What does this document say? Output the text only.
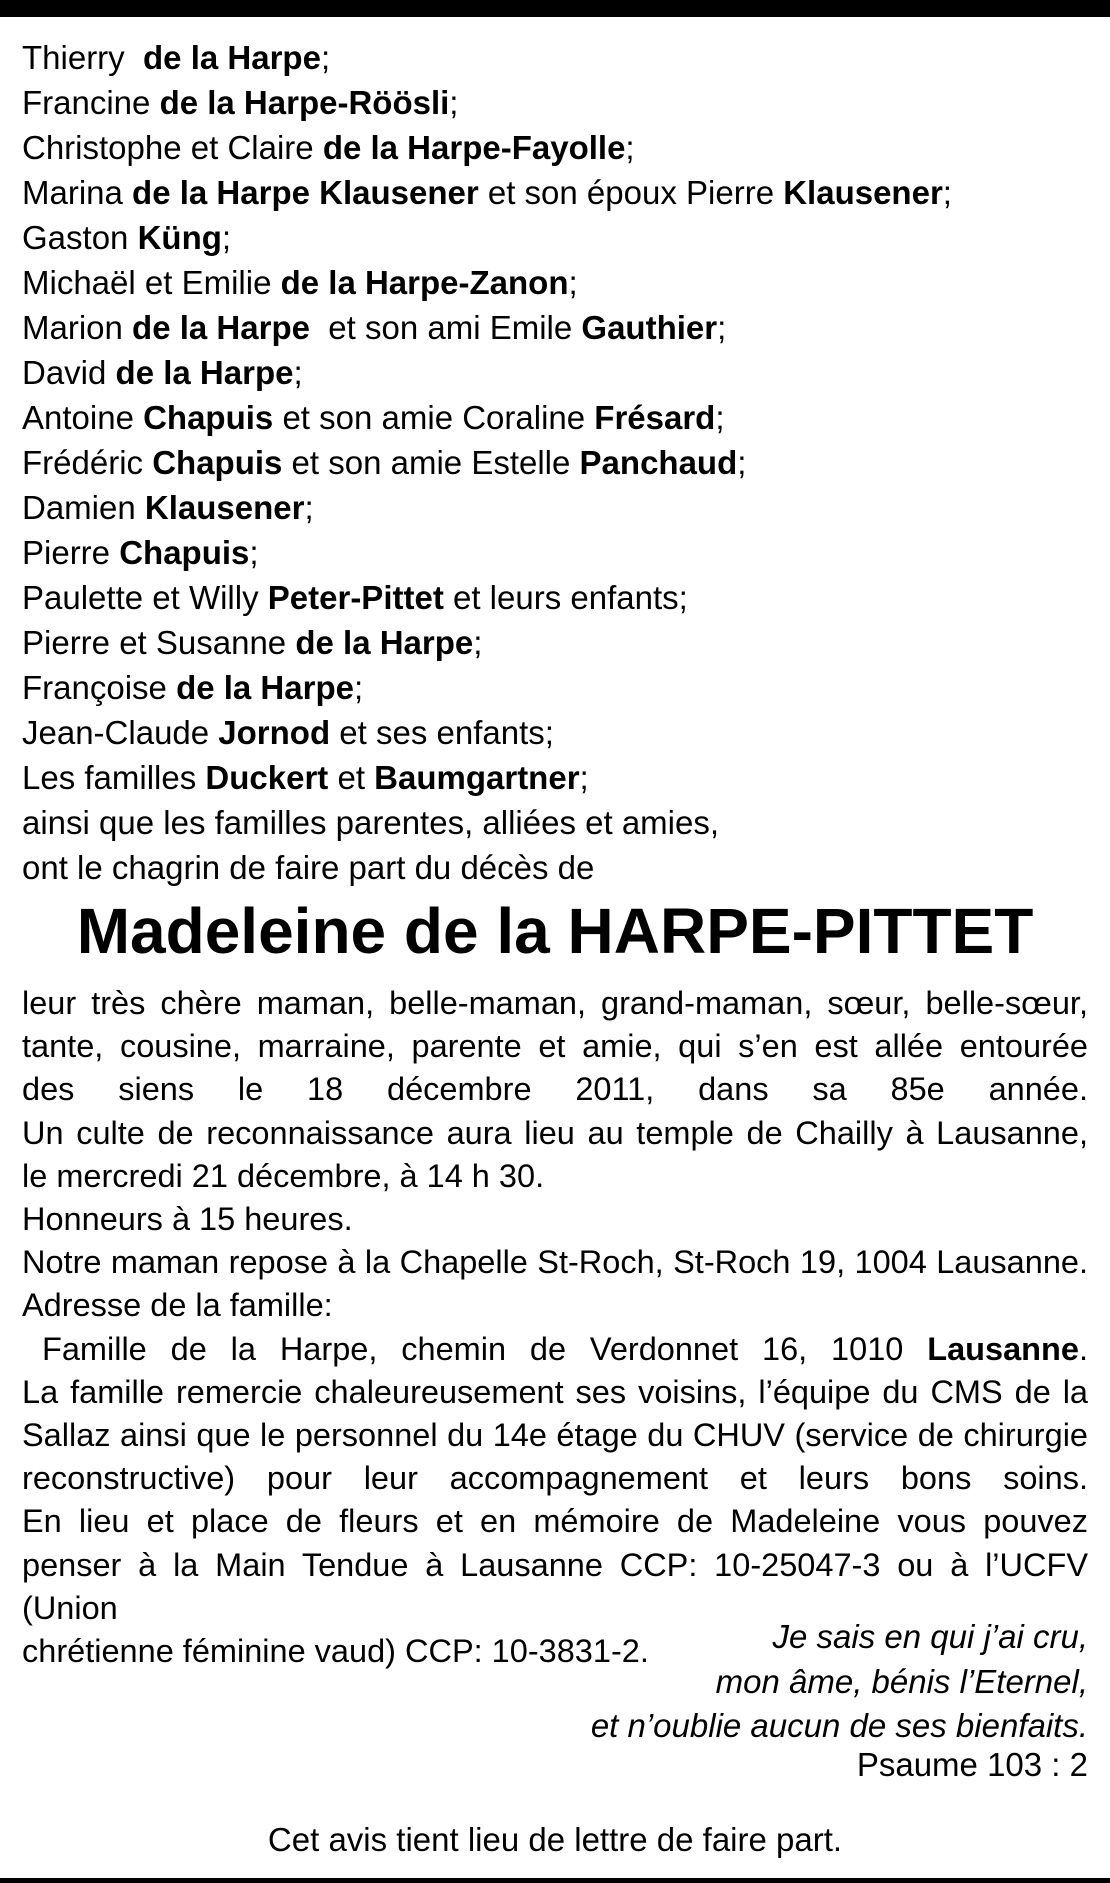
Thierry  de la Harpe;
Francine de la Harpe-Röösli;
Christophe et Claire de la Harpe-Fayolle;
Marina de la Harpe Klausener et son époux Pierre Klausener;
Gaston Küng;
Michaël et Emilie de la Harpe-Zanon;
Marion de la Harpe  et son ami Emile Gauthier;
David de la Harpe;
Antoine Chapuis et son amie Coraline Frésard;
Frédéric Chapuis et son amie Estelle Panchaud;
Damien Klausener;
Pierre Chapuis;
Paulette et Willy Peter-Pittet et leurs enfants;
Pierre et Susanne de la Harpe;
Françoise de la Harpe;
Jean-Claude Jornod et ses enfants;
Les familles Duckert et Baumgartner;
ainsi que les familles parentes, alliées et amies,
ont le chagrin de faire part du décès de
Madeleine de la HARPE-PITTET
leur très chère maman, belle-maman, grand-maman, sœur, belle-sœur,
tante, cousine, marraine, parente et amie, qui s’en est allée entourée
des siens le 18 décembre 2011, dans sa 85e année.
Un culte de reconnaissance aura lieu au temple de Chailly à Lausanne,
le mercredi 21 décembre, à 14 h 30.
Honneurs à 15 heures.
Notre maman repose à la Chapelle St-Roch, St-Roch 19, 1004 Lausanne.
Adresse de la famille:
Famille de la Harpe, chemin de Verdonnet 16, 1010 Lausanne.
La famille remercie chaleureusement ses voisins, l’équipe du CMS de la
Sallaz ainsi que le personnel du 14e étage du CHUV (service de chirurgie
reconstructive) pour leur accompagnement et leurs bons soins.
En lieu et place de fleurs et en mémoire de Madeleine vous pouvez
penser à la Main Tendue à Lausanne CCP: 10-25047-3 ou à l’UCFV (Union
chrétienne féminine vaud) CCP: 10-3831-2.	Je sais en qui j’ai cru,
mon âme, bénis l’Eternel,
et n’oublie aucun de ses bienfaits.
Psaume 103 : 2
Cet avis tient lieu de lettre de faire part.
